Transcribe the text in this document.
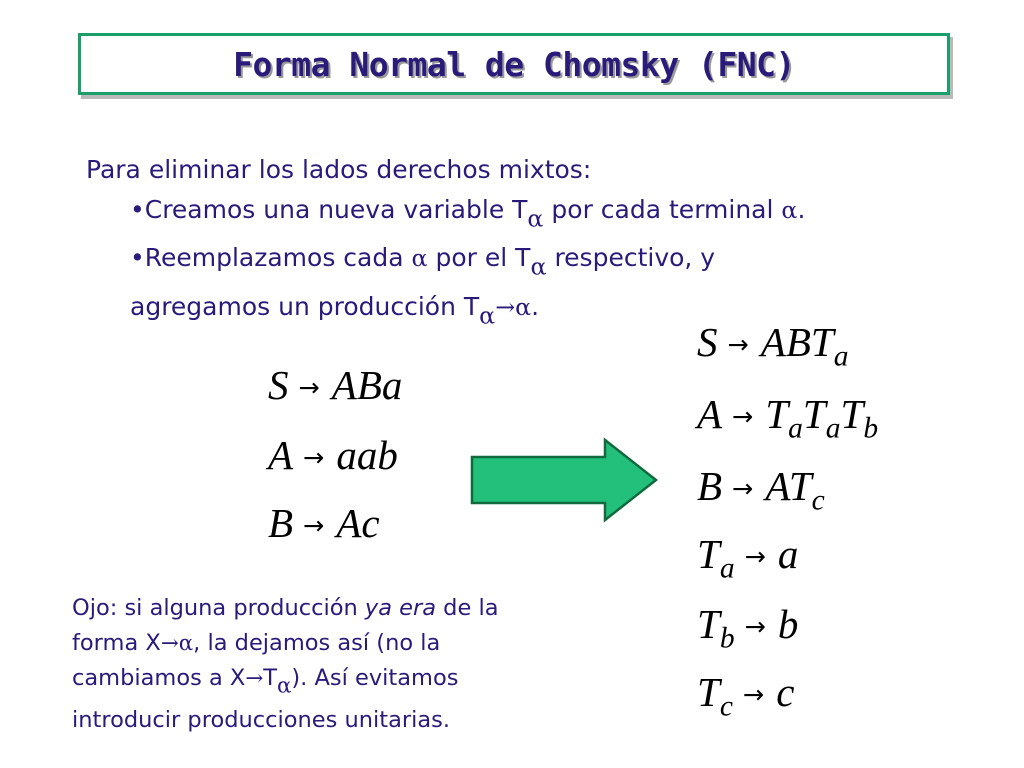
Forma Normal de Chomsky (FNC)
Para eliminar los lados derechos mixtos:
•Creamos una nueva variable Tα por cada terminal α.
•Reemplazamos cada α por el Tα respectivo, y
agregamos un producción Tα→α.
S → ABa
A → aab
B → Ac
$S \to ABT_a$
$A \to T_aT_aT_b$
$B \to AT_c$
$T_a \to a$
$T_b \to b$
$T_c \to c$
Ojo: si alguna producción ya era de la
forma X→α, la dejamos así (no la
cambiamos a X→Tα). Así evitamos
introducir producciones unitarias.
